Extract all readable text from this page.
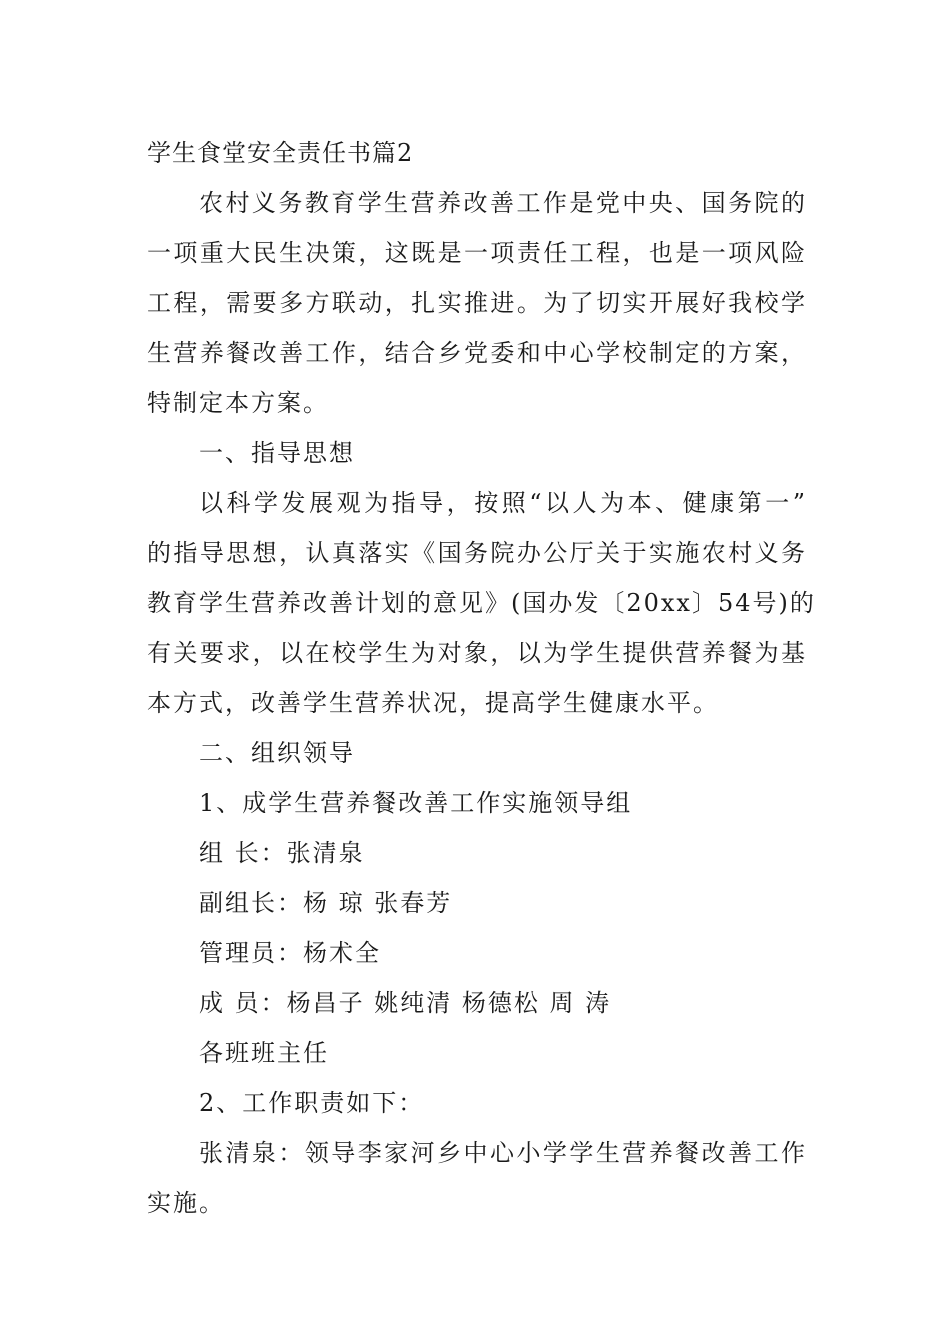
学生食堂安全责任书篇2
农村义务教育学生营养改善工作是党中央、国务院的
一项重大民生决策，这既是一项责任工程，也是一项风险
工程，需要多方联动，扎实推进。为了切实开展好我校学
生营养餐改善工作，结合乡党委和中心学校制定的方案，
特制定本方案。
一、指导思想
以科学发展观为指导，按照“以人为本、健康第一”
的指导思想，认真落实《国务院办公厅关于实施农村义务
教育学生营养改善计划的意见》(国办发〔20xx〕54号)的
有关要求，以在校学生为对象，以为学生提供营养餐为基
本方式，改善学生营养状况，提高学生健康水平。
二、组织领导
1、成学生营养餐改善工作实施领导组
组 长：张清泉
副组长：杨 琼 张春芳
管理员：杨术全
成 员：杨昌子 姚纯清 杨德松 周 涛
各班班主任
2、工作职责如下：
张清泉：领导李家河乡中心小学学生营养餐改善工作
实施。
